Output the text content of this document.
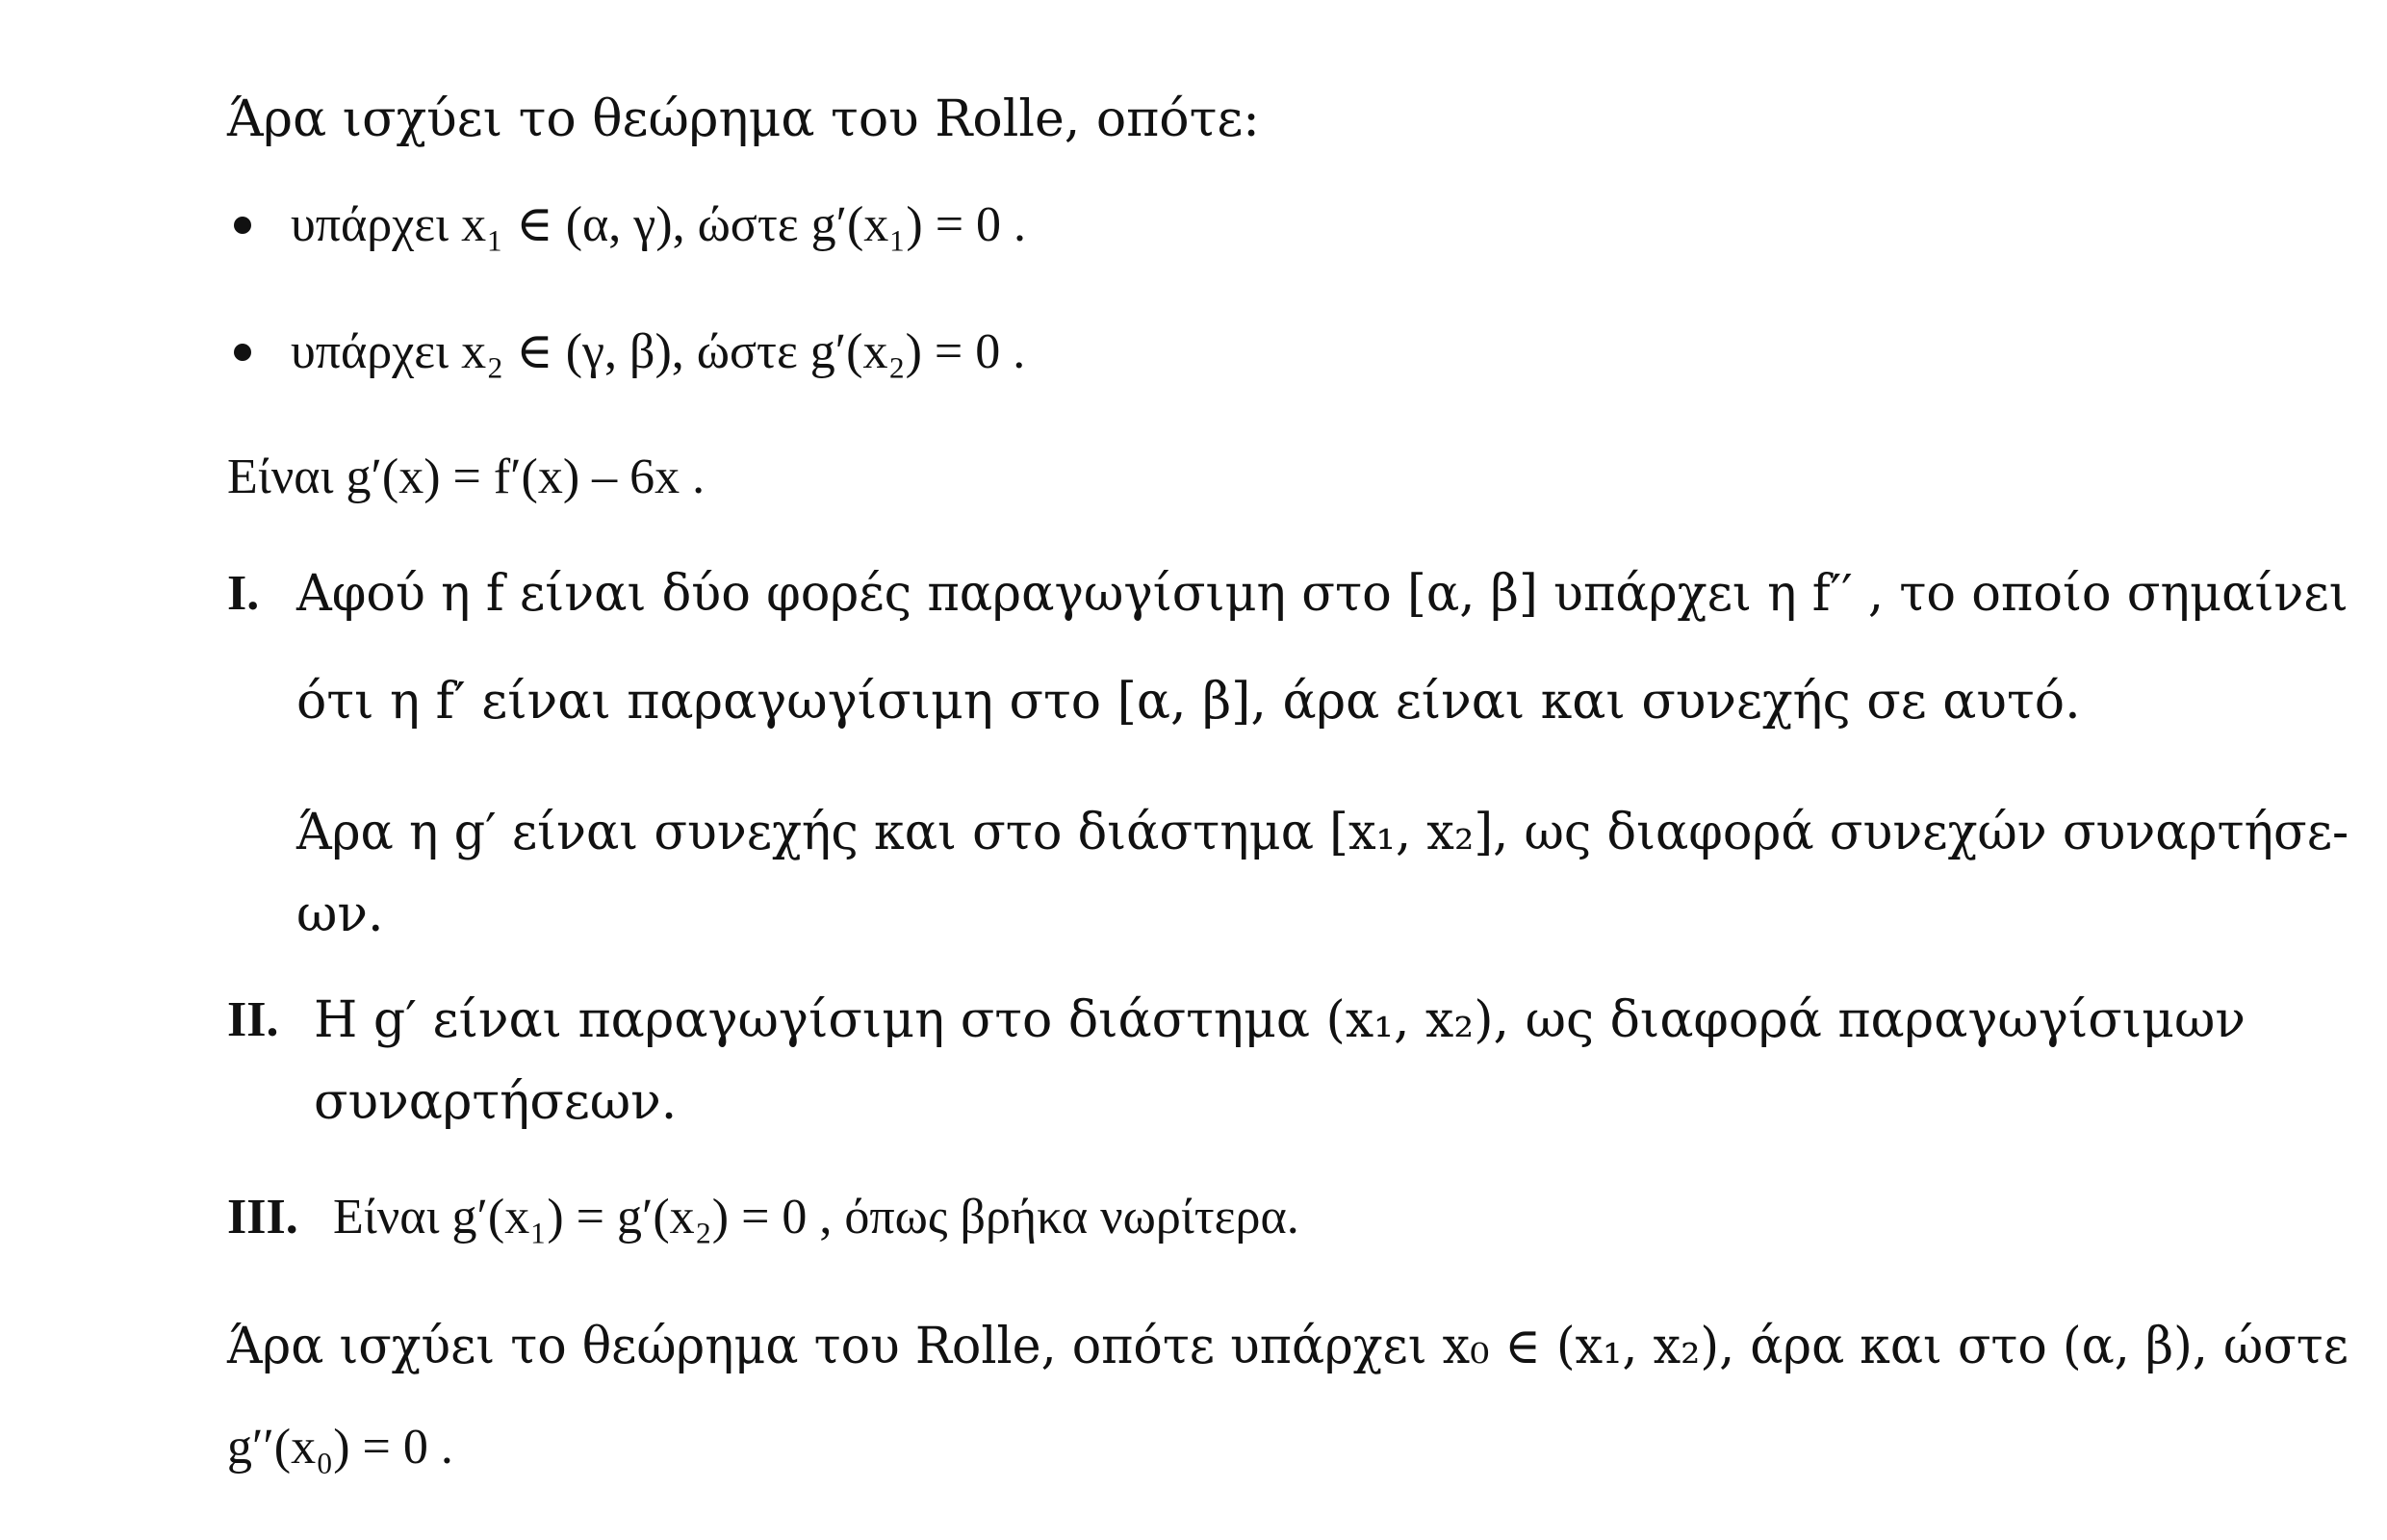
Άρα ισχύει το θεώρημα του Rolle, οπότε:
υπάρχει x₁ ∈ (α, γ), ώστε g′(x₁) = 0 .
υπάρχει x₂ ∈ (γ, β), ώστε g′(x₂) = 0 .
Είναι g′(x) = f′(x) – 6x .
I. Αφού η f είναι δύο φορές παραγωγίσιμη στο [α, β] υπάρχει η f′′ , το οποίο σημαίνει
ότι η f′ είναι παραγωγίσιμη στο [α, β], άρα είναι και συνεχής σε αυτό.
Άρα η g′ είναι συνεχής και στο διάστημα [x₁, x₂], ως διαφορά συνεχών συναρτήσε-
ων.
II. Η g′ είναι παραγωγίσιμη στο διάστημα (x₁, x₂), ως διαφορά παραγωγίσιμων
συναρτήσεων.
III. Είναι g′(x₁) = g′(x₂) = 0 , όπως βρήκα νωρίτερα.
Άρα ισχύει το θεώρημα του Rolle, οπότε υπάρχει x₀ ∈ (x₁, x₂), άρα και στο (α, β), ώστε
g′′(x₀) = 0 .
